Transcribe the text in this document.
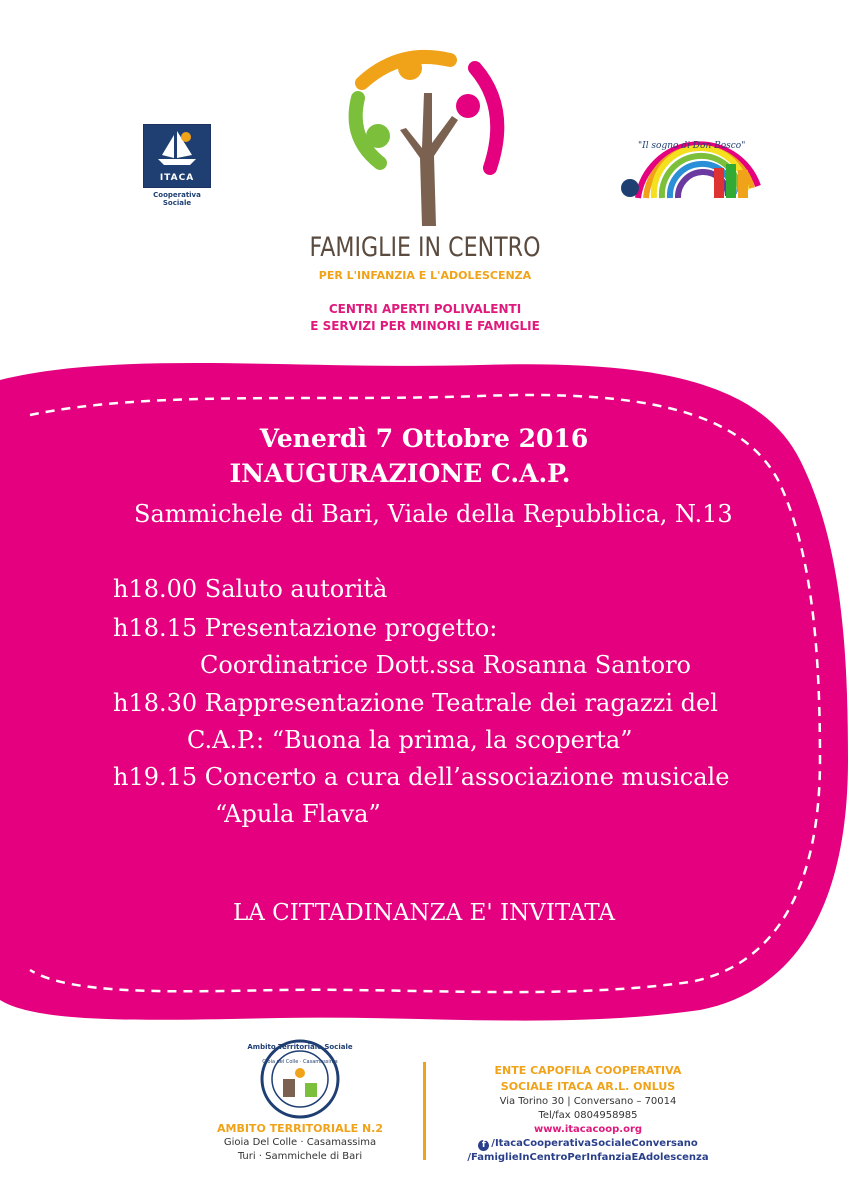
ITACA
Cooperativa Sociale
FAMIGLIE IN CENTRO
PER L'INFANZIA E L'ADOLESCENZA
CENTRI APERTI POLIVALENTI
E SERVIZI PER MINORI E FAMIGLIE
"Il sogno di Don Bosco"
Venerdì 7 Ottobre 2016
INAUGURAZIONE C.A.P.
Sammichele di Bari, Viale della Repubblica, N.13
h18.00 Saluto autorità
h18.15 Presentazione progetto:
Coordinatrice Dott.ssa Rosanna Santoro
h18.30 Rappresentazione Teatrale dei ragazzi del
C.A.P.: “Buona la prima, la scoperta”
h19.15 Concerto a cura dell’associazione musicale
“Apula Flava”
LA CITTADINANZA E' INVITATA
Ambito Territoriale Sociale
Gioia del Colle · Casamassima
AMBITO TERRITORIALE N.2
Gioia Del Colle · Casamassima
Turi · Sammichele di Bari
ENTE CAPOFILA COOPERATIVA
SOCIALE ITACA AR.L. ONLUS
Via Torino 30 | Conversano – 70014
Tel/fax 0804958985
www.itacacoop.org
f /ItacaCooperativaSocialeConversano
/FamiglieInCentroPerInfanziaEAdolescenza
